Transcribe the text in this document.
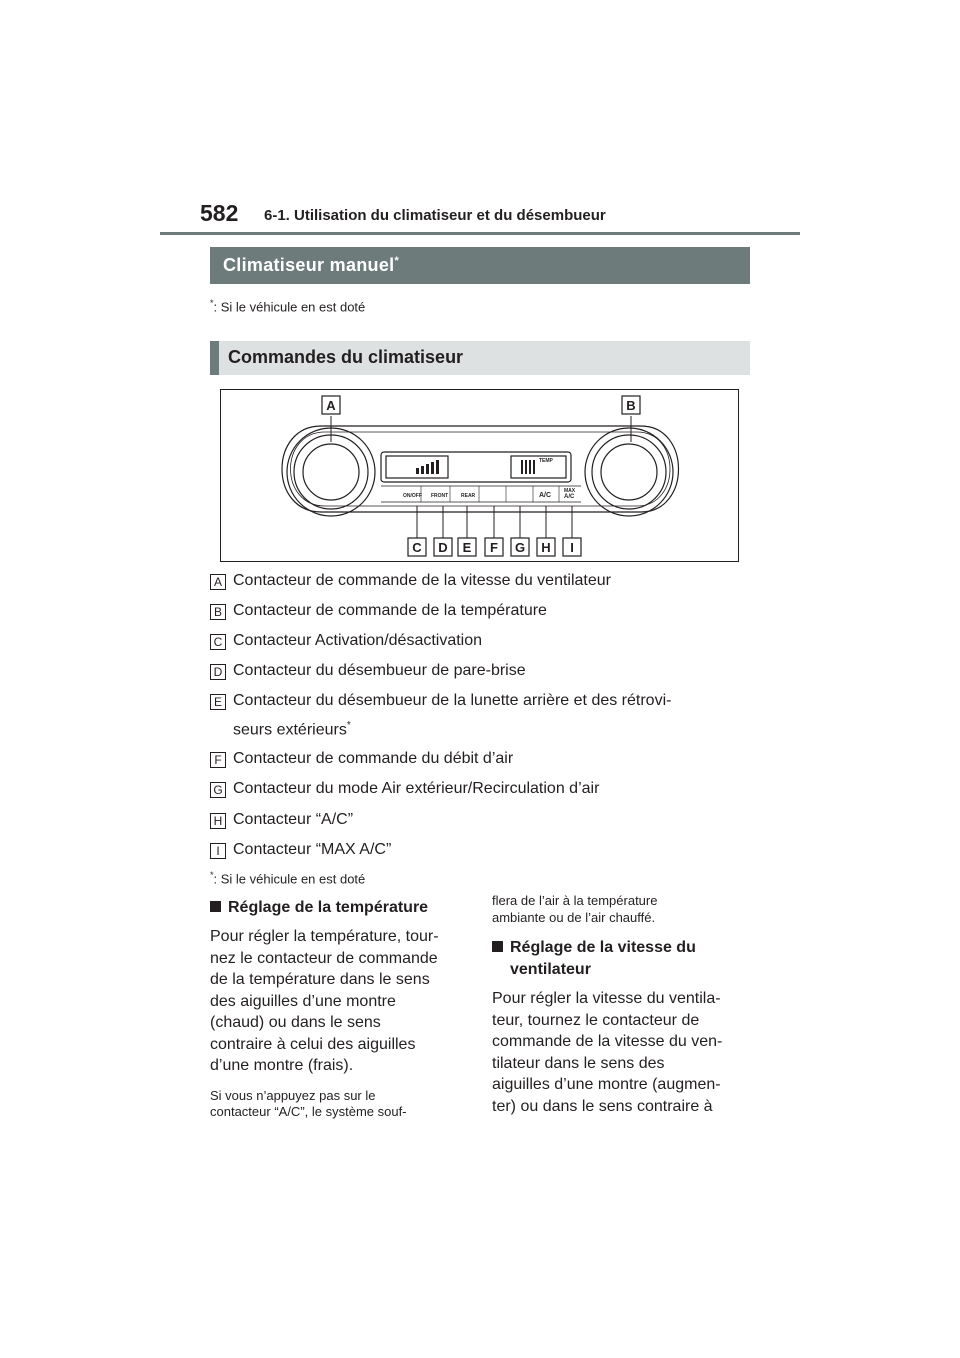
582 6-1. Utilisation du climatiseur et du désembueur
Climatiseur manuel*
*: Si le véhicule en est doté
Commandes du climatiseur
TEMP
ON/OFF FRONT	REAR	A/C
MAX
A/C
A	B
C D E F G H I
A Contacteur de commande de la vitesse du ventilateur
B Contacteur de commande de la température
C Contacteur Activation/désactivation
D Contacteur du désembueur de pare-brise
E Contacteur du désembueur de la lunette arrière et des rétrovi-
seurs extérieurs*
F Contacteur de commande du débit d’air
G Contacteur du mode Air extérieur/Recirculation d’air
H Contacteur “A/C”
I Contacteur “MAX A/C”
*: Si le véhicule en est doté
Réglage de la température
Pour régler la température, tour-
nez le contacteur de commande
de la température dans le sens
des aiguilles d’une montre
(chaud) ou dans le sens
contraire à celui des aiguilles
d’une montre (frais).
Si vous n’appuyez pas sur le
contacteur “A/C”, le système souf-
flera de l’air à la température
ambiante ou de l’air chauffé.
Réglage de la vitesse du
ventilateur
Pour régler la vitesse du ventila-
teur, tournez le contacteur de
commande de la vitesse du ven-
tilateur dans le sens des
aiguilles d’une montre (augmen-
ter) ou dans le sens contraire à
